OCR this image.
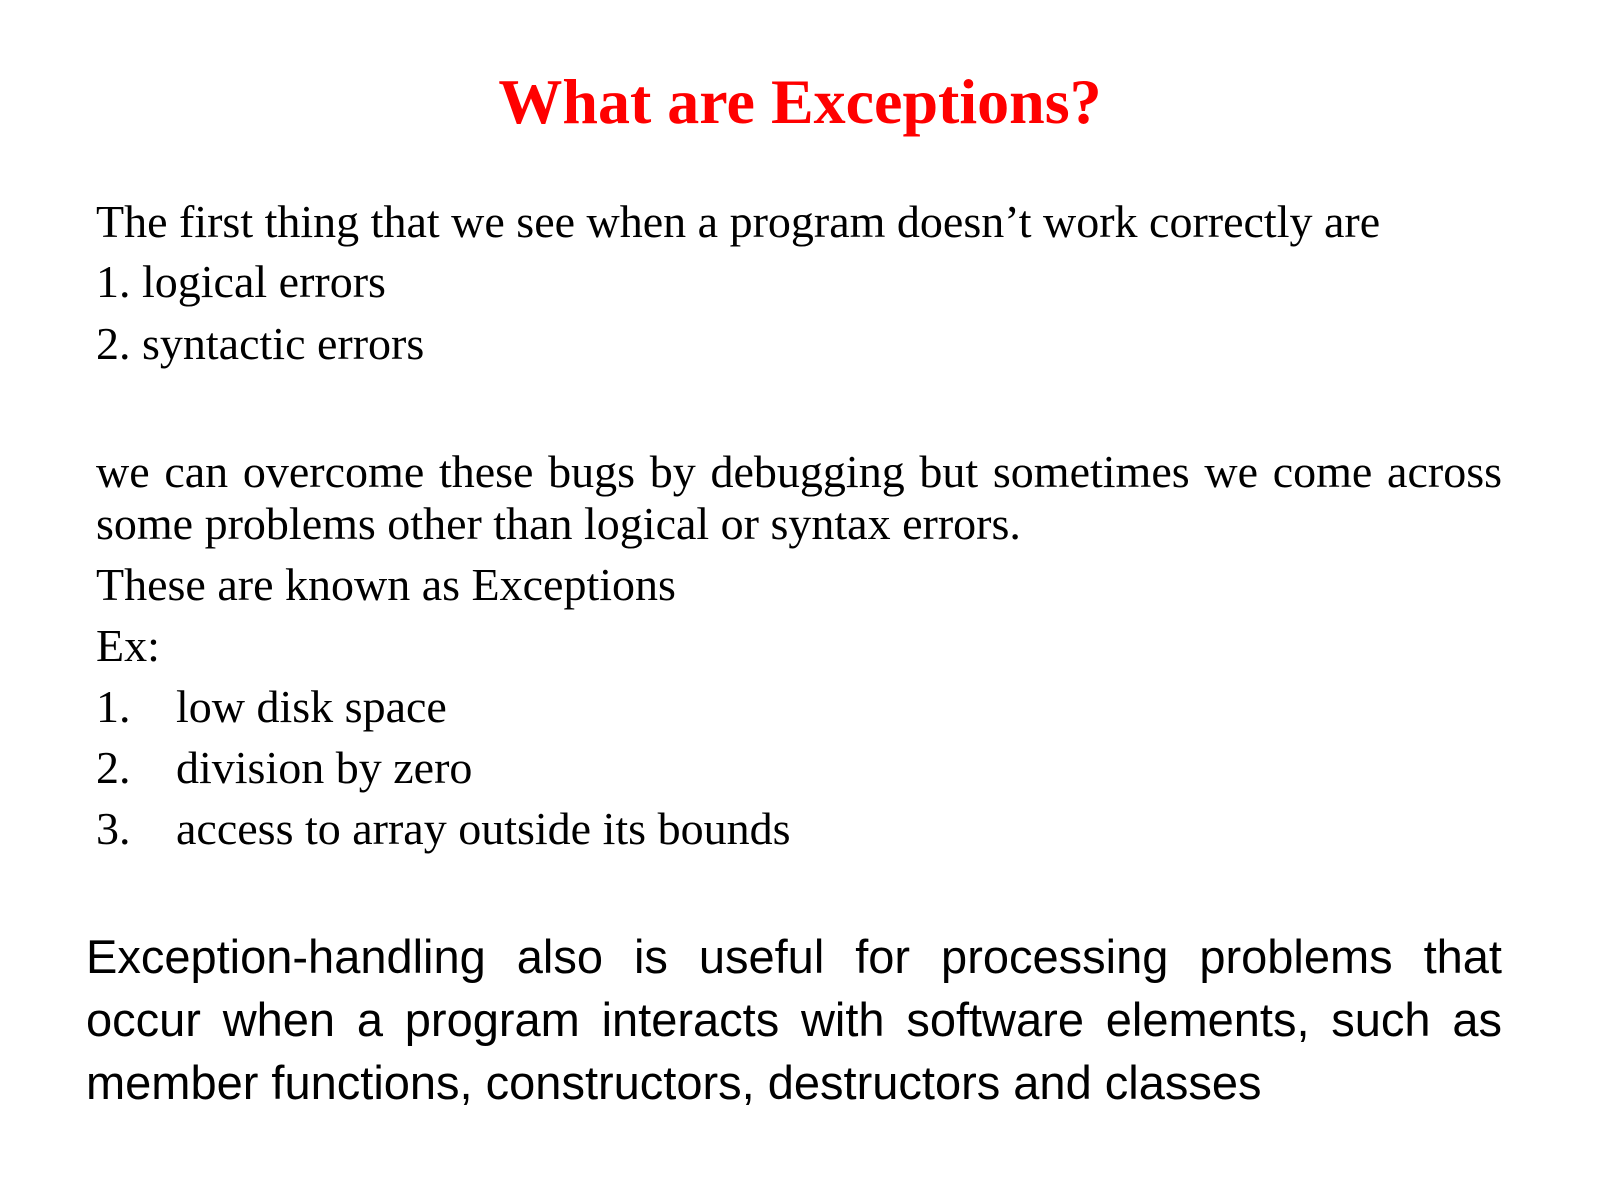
What are Exceptions?
The first thing that we see when a program doesn’t work correctly are
1. logical errors
2. syntactic errors
we can overcome these bugs by debugging but sometimes we come across some problems other than logical or syntax errors.
These are known as Exceptions
Ex:
1. low disk space
2. division by zero
3. access to array outside its bounds
Exception-handling also is useful for processing problems that occur when a program interacts with software elements, such as member functions, constructors, destructors and classes
